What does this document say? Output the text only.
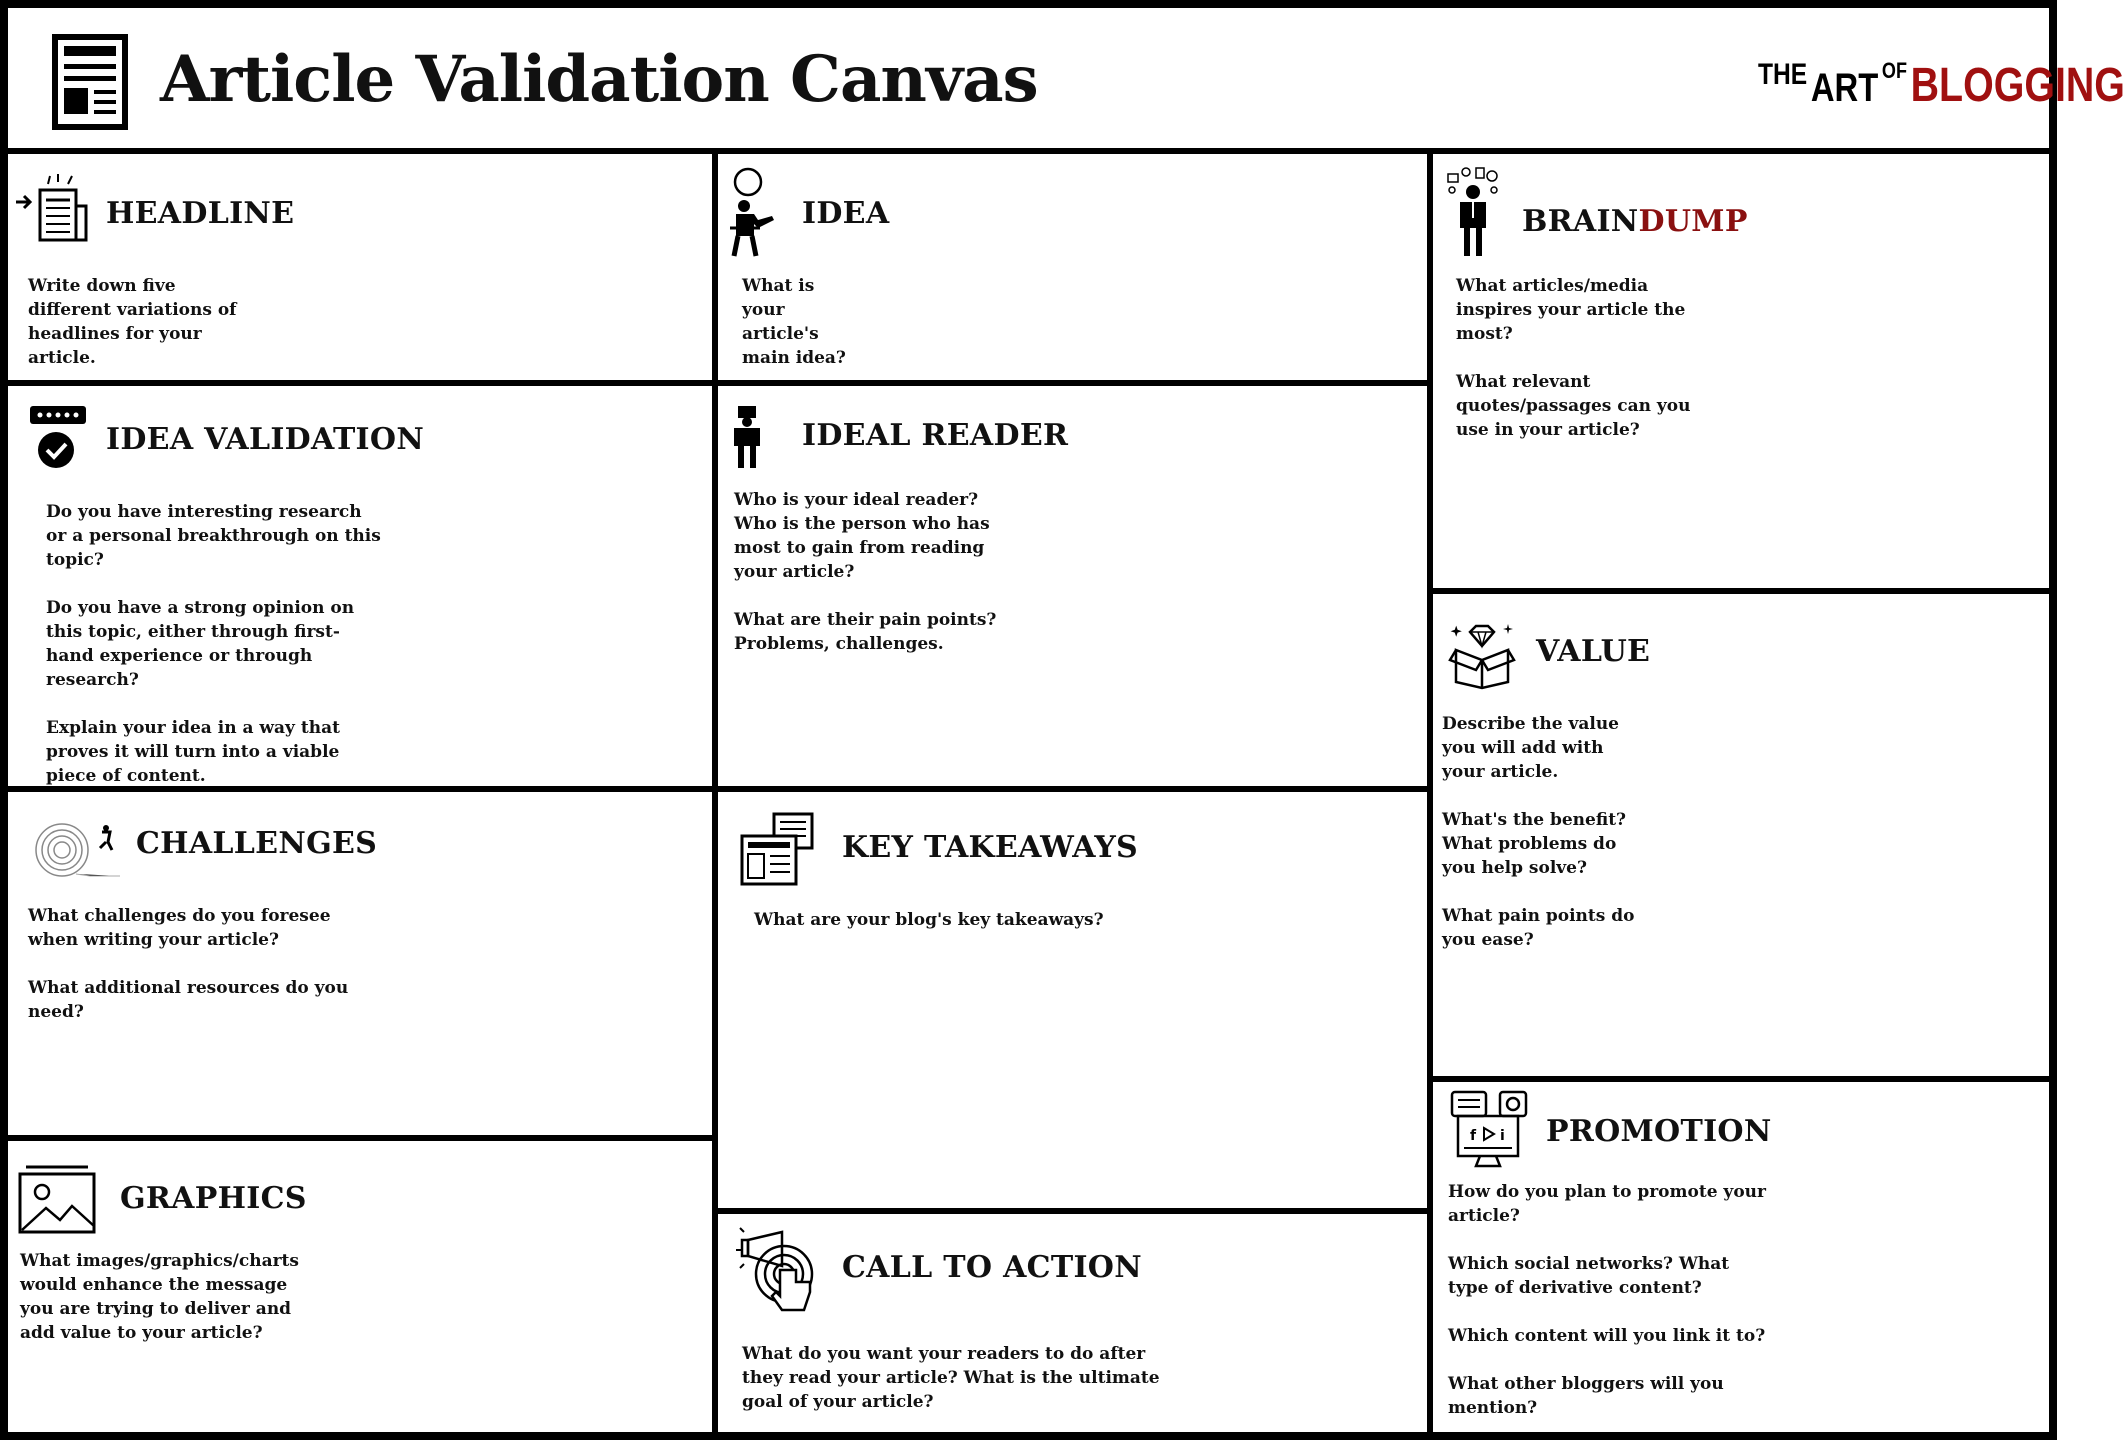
Article Validation Canvas	THE ART OF BLOGGING
HEADLINE

Write down five different variations of headlines for your article.

IDEA

What is your article's main idea?

BRAINDUMP

What articles/media inspires your article the most?

What relevant quotes/passages can you use in your article?

IDEA VALIDATION

Do you have interesting research or a personal breakthrough on this topic?

Do you have a strong opinion on this topic, either through first-hand experience or through research?

Explain your idea in a way that proves it will turn into a viable piece of content.

IDEAL READER

Who is your ideal reader? Who is the person who has most to gain from reading your article?

What are their pain points? Problems, challenges.	VALUE

Describe the value you will add with your article.

What's the benefit? What problems do you help solve?

What pain points do you ease?

CHALLENGES

What challenges do you foresee when writing your article?

What additional resources do you need?

KEY TAKEAWAYS

What are your blog's key takeaways?

GRAPHICS

What images/graphics/charts would enhance the message you are trying to deliver and add value to your article?

CALL TO ACTION

What do you want your readers to do after they read your article? What is the ultimate goal of your article?

f i PROMOTION

How do you plan to promote your article?

Which social networks? What type of derivative content?

Which content will you link it to?

What other bloggers will you mention?
